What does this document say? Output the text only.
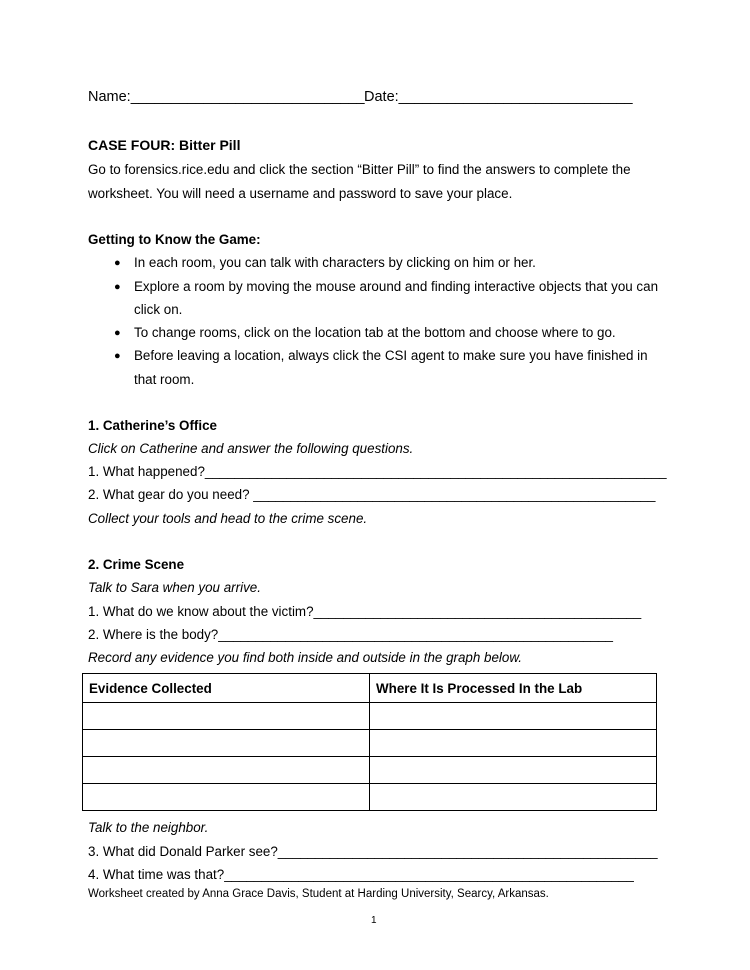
Name:_____________________________ Date:_____________________________
CASE FOUR: Bitter Pill
Go to forensics.rice.edu and click the section “Bitter Pill” to find the answers to complete the
worksheet. You will need a username and password to save your place.
Getting to Know the Game:
● In each room, you can talk with characters by clicking on him or her.
● Explore a room by moving the mouse around and finding interactive objects that you can
click on.
● To change rooms, click on the location tab at the bottom and choose where to go.
● Before leaving a location, always click the CSI agent to make sure you have finished in
that room.
1. Catherine’s Office
Click on Catherine and answer the following questions.
1. What happened?______________________________________________________________
2. What gear do you need? ______________________________________________________
Collect your tools and head to the crime scene.
2. Crime Scene
Talk to Sara when you arrive.
1. What do we know about the victim?____________________________________________
2. Where is the body?_____________________________________________________
Record any evidence you find both inside and outside in the graph below.
Evidence Collected	Where It Is Processed In the Lab

Talk to the neighbor.
3. What did Donald Parker see?___________________________________________________
4. What time was that?_______________________________________________________
Worksheet created by Anna Grace Davis, Student at Harding University, Searcy, Arkansas.
1
